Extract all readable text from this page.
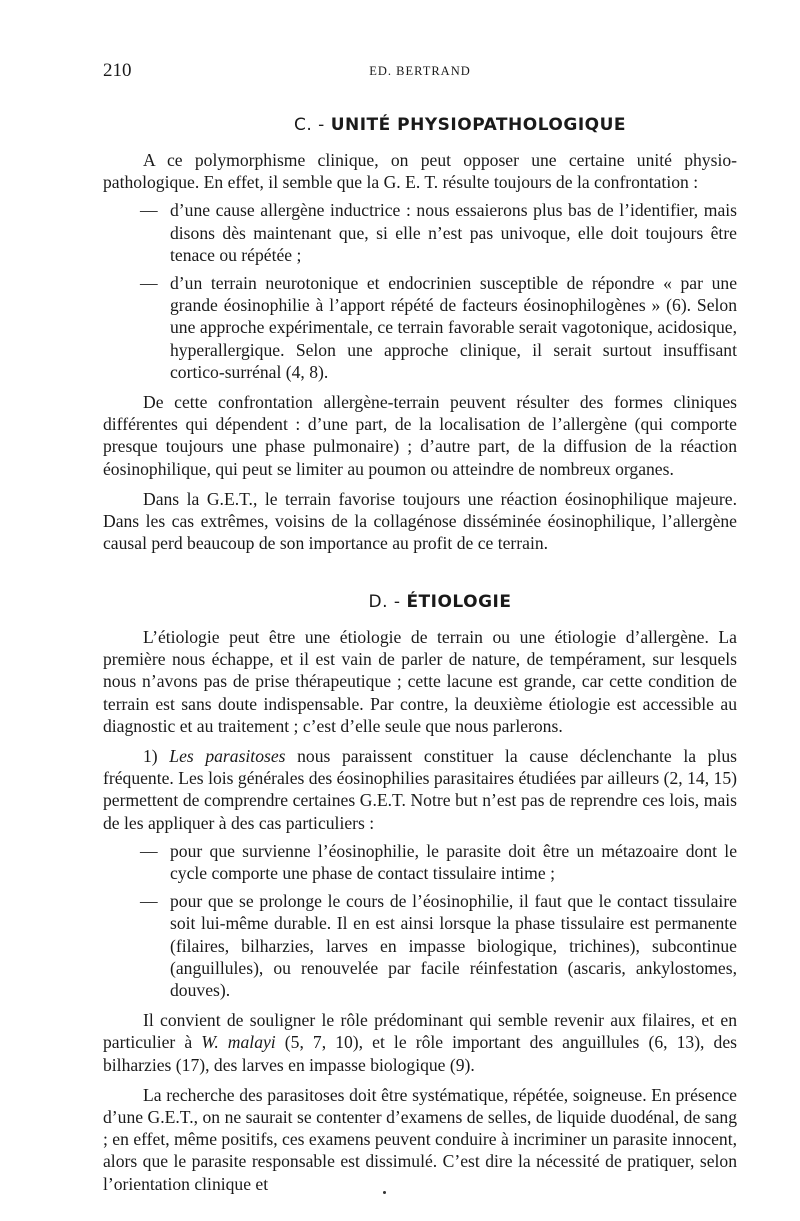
210	ED. BERTRAND
C. - UNITÉ PHYSIOPATHOLOGIQUE

A ce polymorphisme clinique, on peut opposer une certaine unité physio-pathologique. En effet, il semble que la G. E. T. résulte toujours de la confrontation :

— d’une cause allergène inductrice : nous essaierons plus bas de l’identifier, mais disons dès maintenant que, si elle n’est pas univoque, elle doit toujours être tenace ou répétée ;

— d’un terrain neurotonique et endocrinien susceptible de répondre « par une grande éosinophilie à l’apport répété de facteurs éosinophilogènes » (6). Selon une approche expérimentale, ce terrain favorable serait vagotonique, acidosique, hyperallergique. Selon une approche clinique, il serait surtout insuffisant cortico-surrénal (4, 8).

De cette confrontation allergène-terrain peuvent résulter des formes cliniques différentes qui dépendent : d’une part, de la localisation de l’allergène (qui comporte presque toujours une phase pulmonaire) ; d’autre part, de la diffusion de la réaction éosinophilique, qui peut se limiter au poumon ou atteindre de nombreux organes.

Dans la G.E.T., le terrain favorise toujours une réaction éosinophilique majeure. Dans les cas extrêmes, voisins de la collagénose disséminée éosinophilique, l’allergène causal perd beaucoup de son importance au profit de ce terrain.

D. - ÉTIOLOGIE

L’étiologie peut être une étiologie de terrain ou une étiologie d’allergène. La première nous échappe, et il est vain de parler de nature, de tempérament, sur lesquels nous n’avons pas de prise thérapeutique ; cette lacune est grande, car cette condition de terrain est sans doute indispensable. Par contre, la deuxième étiologie est accessible au diagnostic et au traitement ; c’est d’elle seule que nous parlerons.

1) Les parasitoses nous paraissent constituer la cause déclenchante la plus fréquente. Les lois générales des éosinophilies parasitaires étudiées par ailleurs (2, 14, 15) permettent de comprendre certaines G.E.T. Notre but n’est pas de reprendre ces lois, mais de les appliquer à des cas particuliers :

— pour que survienne l’éosinophilie, le parasite doit être un métazoaire dont le cycle comporte une phase de contact tissulaire intime ;

— pour que se prolonge le cours de l’éosinophilie, il faut que le contact tissulaire soit lui-même durable. Il en est ainsi lorsque la phase tissulaire est permanente (filaires, bilharzies, larves en impasse biologique, trichines), subcontinue (anguillules), ou renouvelée par facile réinfestation (ascaris, ankylostomes, douves).

Il convient de souligner le rôle prédominant qui semble revenir aux filaires, et en particulier à W. malayi (5, 7, 10), et le rôle important des anguillules (6, 13), des bilharzies (17), des larves en impasse biologique (9).

La recherche des parasitoses doit être systématique, répétée, soigneuse. En présence d’une G.E.T., on ne saurait se contenter d’examens de selles, de liquide duodénal, de sang ; en effet, même positifs, ces examens peuvent conduire à incriminer un parasite innocent, alors que le parasite responsable est dissimulé. C’est dire la nécessité de pratiquer, selon l’orientation clinique et
